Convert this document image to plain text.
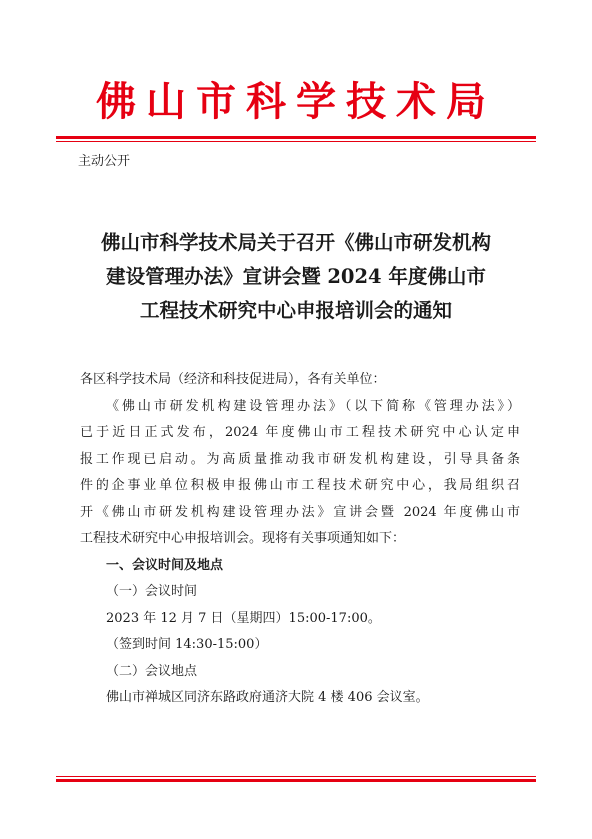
佛山市科学技术局
主动公开
佛山市科学技术局关于召开《佛山市研发机构
建设管理办法》宣讲会暨 2024 年度佛山市
工程技术研究中心申报培训会的通知
各区科学技术局（经济和科技促进局），各有关单位：
《佛山市研发机构建设管理办法》（以下简称《管理办法》）
已于近日正式发布，2024 年度佛山市工程技术研究中心认定申
报工作现已启动。为高质量推动我市研发机构建设，引导具备条
件的企事业单位积极申报佛山市工程技术研究中心，我局组织召
开《佛山市研发机构建设管理办法》宣讲会暨 2024 年度佛山市
工程技术研究中心申报培训会。现将有关事项通知如下：
一、会议时间及地点
（一）会议时间
2023 年 12 月 7 日（星期四）15:00-17:00。
（签到时间 14:30-15:00）
（二）会议地点
佛山市禅城区同济东路政府通济大院 4 楼 406 会议室。
